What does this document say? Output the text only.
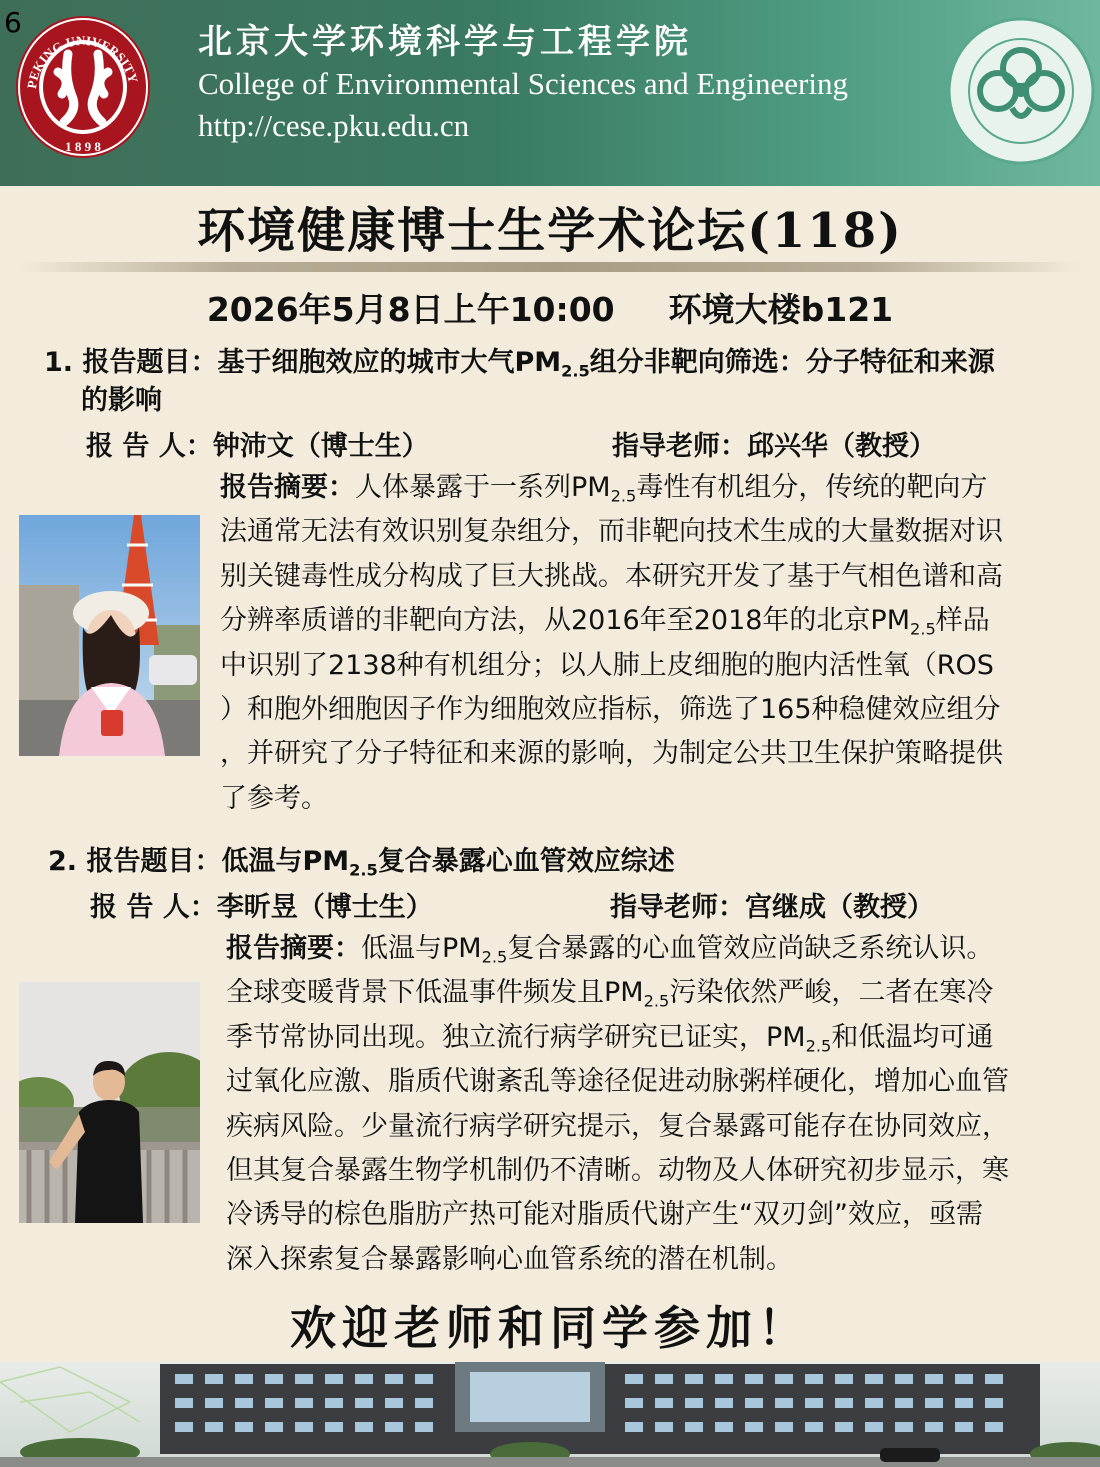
6
PEKING UNIVERSITY
1 8 9 8
北京大学环境科学与工程学院
College of Environmental Sciences and Engineering
http://cese.pku.edu.cn
环境健康博士生学术论坛(118)
2026年5月8日上午10:00 环境大楼b121
1. 报告题目：基于细胞效应的城市大气$PM_{2.5}$组分非靶向筛选：分子特征和来源
的影响
报 告 人：钟沛文（博士生）	指导老师：邱兴华（教授）
报告摘要：人体暴露于一系列$PM_{2.5}$毒性有机组分，传统的靶向方
法通常无法有效识别复杂组分，而非靶向技术生成的大量数据对识
别关键毒性成分构成了巨大挑战。本研究开发了基于气相色谱和高
分辨率质谱的非靶向方法，从2016年至2018年的北京$PM_{2.5}$样品
中识别了2138种有机组分；以人肺上皮细胞的胞内活性氧（ROS
）和胞外细胞因子作为细胞效应指标，筛选了165种稳健效应组分
，并研究了分子特征和来源的影响，为制定公共卫生保护策略提供
了参考。
2. 报告题目：低温与$PM_{2.5}$复合暴露心血管效应综述
报 告 人：李昕昱（博士生）	指导老师：宫继成（教授）
报告摘要：低温与$PM_{2.5}$复合暴露的心血管效应尚缺乏系统认识。
全球变暖背景下低温事件频发且$PM_{2.5}$污染依然严峻，二者在寒冷
季节常协同出现。独立流行病学研究已证实，$PM_{2.5}$和低温均可通
过氧化应激、脂质代谢紊乱等途径促进动脉粥样硬化，增加心血管
疾病风险。少量流行病学研究提示，复合暴露可能存在协同效应，
但其复合暴露生物学机制仍不清晰。动物及人体研究初步显示，寒
冷诱导的棕色脂肪产热可能对脂质代谢产生“双刃剑”效应，亟需
深入探索复合暴露影响心血管系统的潜在机制。
欢迎老师和同学参加！
